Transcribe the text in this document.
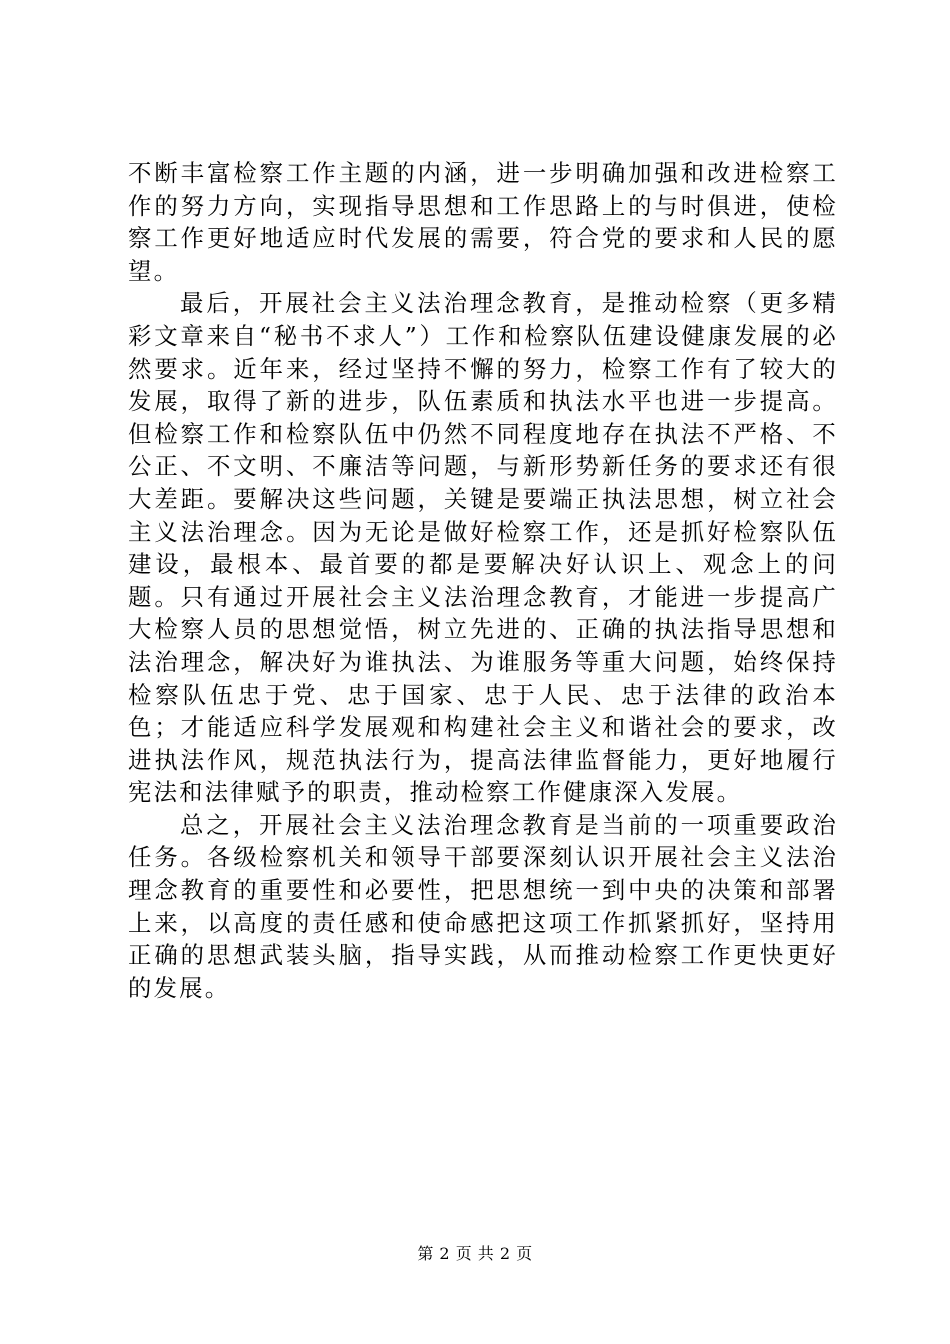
不断丰富检察工作主题的内涵，进一步明确加强和改进检察工作的努力方向，实现指导思想和工作思路上的与时俱进，使检察工作更好地适应时代发展的需要，符合党的要求和人民的愿望。

最后，开展社会主义法治理念教育，是推动检察（更多精彩文章来自“秘书不求人”）工作和检察队伍建设健康发展的必然要求。近年来，经过坚持不懈的努力，检察工作有了较大的发展，取得了新的进步，队伍素质和执法水平也进一步提高。但检察工作和检察队伍中仍然不同程度地存在执法不严格、不公正、不文明、不廉洁等问题，与新形势新任务的要求还有很大差距。要解决这些问题，关键是要端正执法思想，树立社会主义法治理念。因为无论是做好检察工作，还是抓好检察队伍建设，最根本、最首要的都是要解决好认识上、观念上的问题。只有通过开展社会主义法治理念教育，才能进一步提高广大检察人员的思想觉悟，树立先进的、正确的执法指导思想和法治理念，解决好为谁执法、为谁服务等重大问题，始终保持检察队伍忠于党、忠于国家、忠于人民、忠于法律的政治本色；才能适应科学发展观和构建社会主义和谐社会的要求，改进执法作风，规范执法行为，提高法律监督能力，更好地履行宪法和法律赋予的职责，推动检察工作健康深入发展。

总之，开展社会主义法治理念教育是当前的一项重要政治任务。各级检察机关和领导干部要深刻认识开展社会主义法治理念教育的重要性和必要性，把思想统一到中央的决策和部署上来，以高度的责任感和使命感把这项工作抓紧抓好，坚持用正确的思想武装头脑，指导实践，从而推动检察工作更快更好的发展。

第 2 页 共 2 页
